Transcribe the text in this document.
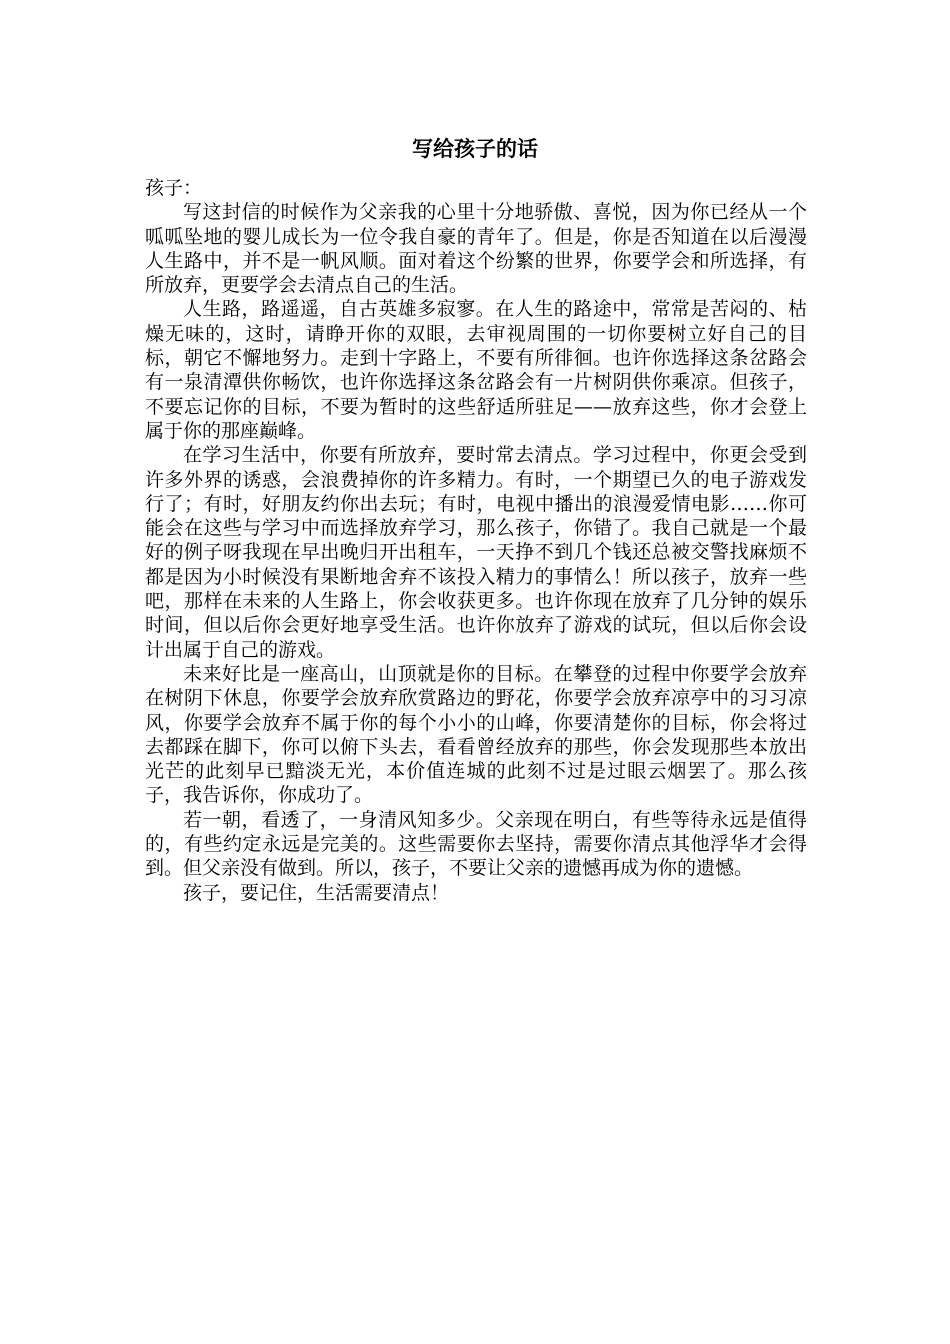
写给孩子的话

孩子：

写这封信的时候作为父亲我的心里十分地骄傲、喜悦，因为你已经从一个呱呱坠地的婴儿成长为一位令我自豪的青年了。但是，你是否知道在以后漫漫人生路中，并不是一帆风顺。面对着这个纷繁的世界，你要学会和所选择，有所放弃，更要学会去清点自己的生活。

人生路，路遥遥，自古英雄多寂寥。在人生的路途中，常常是苦闷的、枯燥无味的，这时，请睁开你的双眼，去审视周围的一切你要树立好自己的目标，朝它不懈地努力。走到十字路上，不要有所徘徊。也许你选择这条岔路会有一泉清潭供你畅饮，也许你选择这条岔路会有一片树阴供你乘凉。但孩子，不要忘记你的目标，不要为暂时的这些舒适所驻足——放弃这些，你才会登上属于你的那座巅峰。

在学习生活中，你要有所放弃，要时常去清点。学习过程中，你更会受到许多外界的诱惑，会浪费掉你的许多精力。有时，一个期望已久的电子游戏发行了；有时，好朋友约你出去玩；有时，电视中播出的浪漫爱情电影……你可能会在这些与学习中而选择放弃学习，那么孩子，你错了。我自己就是一个最好的例子呀我现在早出晚归开出租车，一天挣不到几个钱还总被交警找麻烦不都是因为小时候没有果断地舍弃不该投入精力的事情么！所以孩子，放弃一些吧，那样在未来的人生路上，你会收获更多。也许你现在放弃了几分钟的娱乐时间，但以后你会更好地享受生活。也许你放弃了游戏的试玩，但以后你会设计出属于自己的游戏。

未来好比是一座高山，山顶就是你的目标。在攀登的过程中你要学会放弃在树阴下休息，你要学会放弃欣赏路边的野花，你要学会放弃凉亭中的习习凉风，你要学会放弃不属于你的每个小小的山峰，你要清楚你的目标，你会将过去都踩在脚下，你可以俯下头去，看看曾经放弃的那些，你会发现那些本放出光芒的此刻早已黯淡无光，本价值连城的此刻不过是过眼云烟罢了。那么孩子，我告诉你，你成功了。

若一朝，看透了，一身清风知多少。父亲现在明白，有些等待永远是值得的，有些约定永远是完美的。这些需要你去坚持，需要你清点其他浮华才会得到。但父亲没有做到。所以，孩子，不要让父亲的遗憾再成为你的遗憾。

孩子，要记住，生活需要清点！
